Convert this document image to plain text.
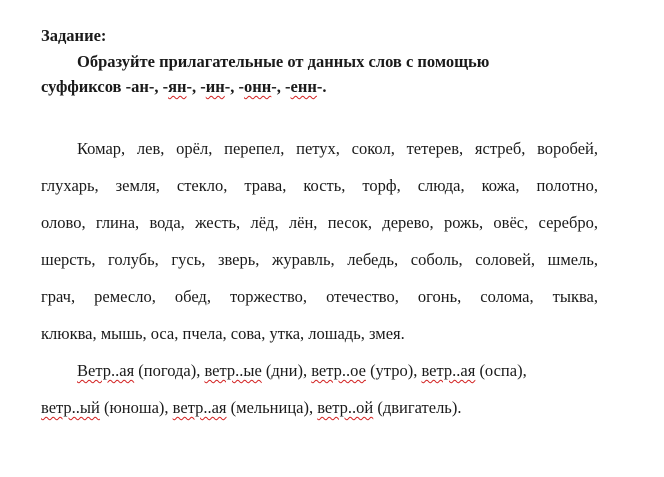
Задание:
Образуйте прилагательные от данных слов с помощью
суффиксов -ан-, -ян-, -ин-, -онн-, -енн-.
Комар, лев, орёл, перепел, петух, сокол, тетерев, ястреб, воробей,
глухарь, земля, стекло, трава, кость, торф, слюда, кожа, полотно,
олово, глина, вода, жесть, лёд, лён, песок, дерево, рожь, овёс, серебро,
шерсть, голубь, гусь, зверь, журавль, лебедь, соболь, соловей, шмель,
грач, ремесло, обед, торжество, отечество, огонь, солома, тыква,
клюква, мышь, оса, пчела, сова, утка, лошадь, змея.
Ветр..ая (погода), ветр..ые (дни), ветр..ое (утро), ветр..ая (оспа),
ветр..ый (юноша), ветр..ая (мельница), ветр..ой (двигатель).
